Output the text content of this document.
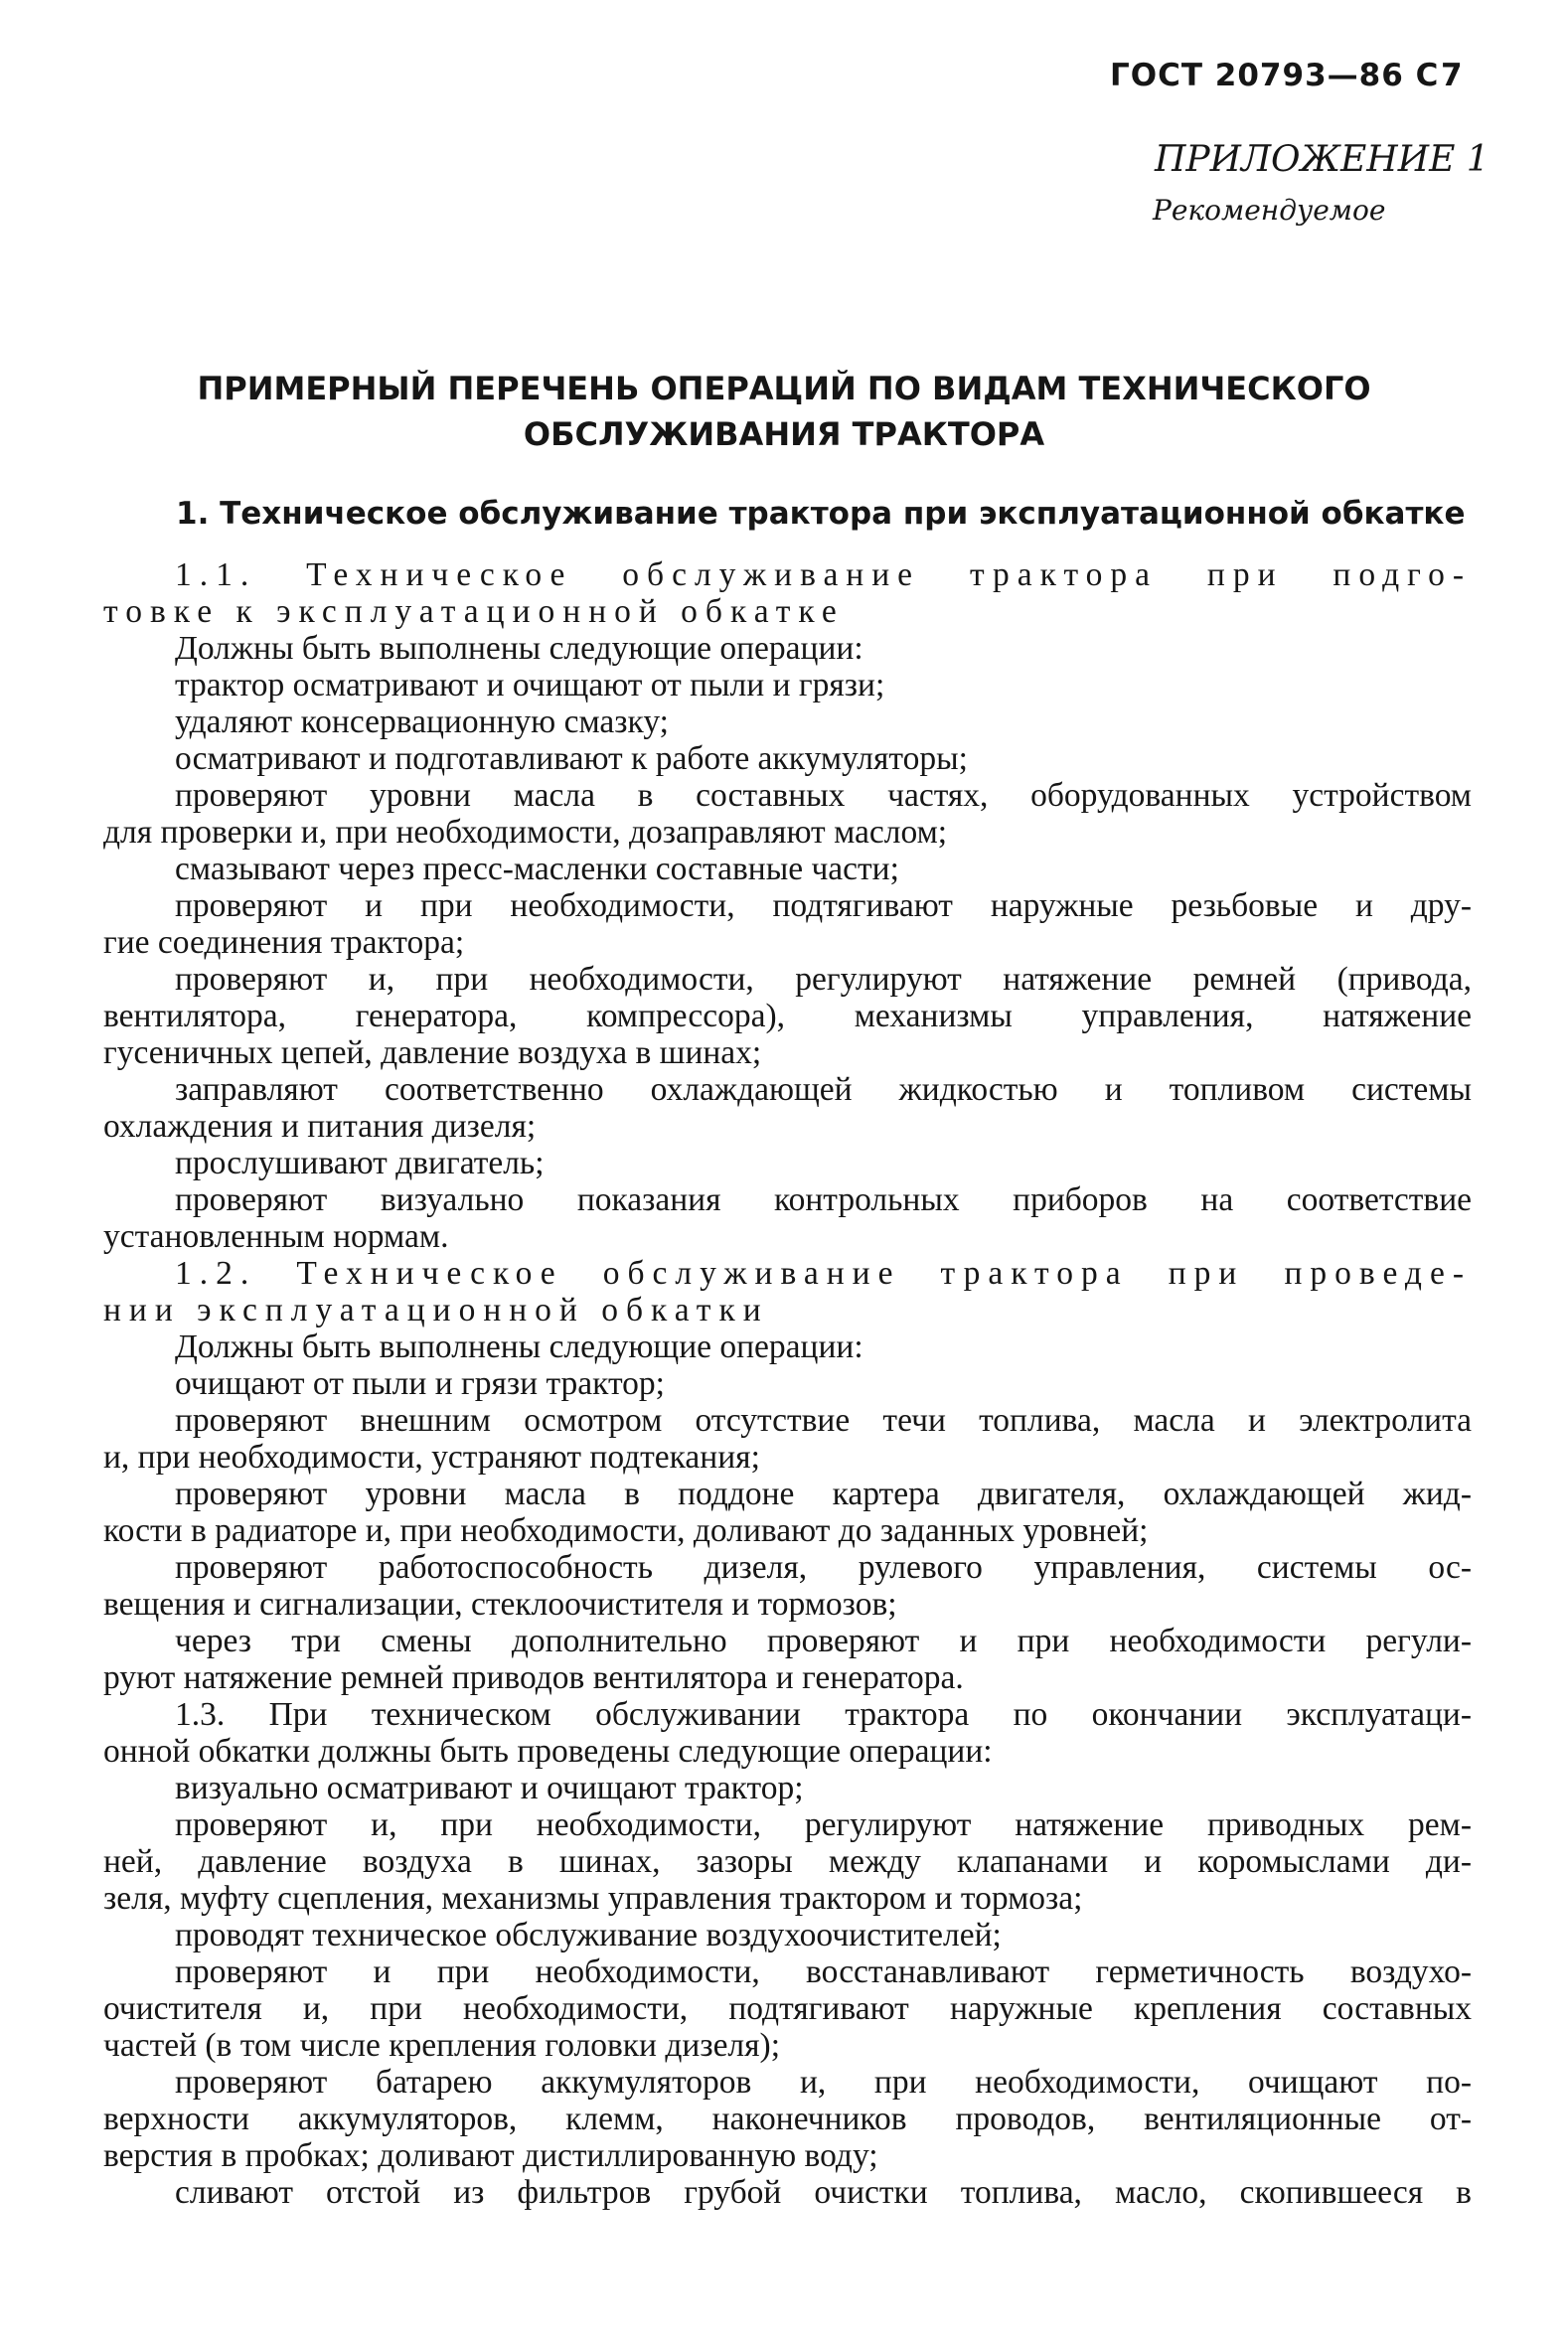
ГОСТ 20793—86 С 7
ПРИЛОЖЕНИЕ 1
Рекомендуемое
ПРИМЕРНЫЙ ПЕРЕЧЕНЬ ОПЕРАЦИЙ ПО ВИДАМ ТЕХНИЧЕСКОГО
ОБСЛУЖИВАНИЯ ТРАКТОРА
1. Техническое обслуживание трактора при эксплуатационной обкатке
1.1. Техническое обслуживание трактора при подго-
товке к эксплуатационной обкатке
Должны быть выполнены следующие операции:
трактор осматривают и очищают от пыли и грязи;
удаляют консервационную смазку;
осматривают и подготавливают к работе аккумуляторы;
проверяют уровни масла в составных частях, оборудованных устройством
для проверки и, при необходимости, дозаправляют маслом;
смазывают через пресс-масленки составные части;
проверяют и при необходимости, подтягивают наружные резьбовые и дру-
гие соединения трактора;
проверяют и, при необходимости, регулируют натяжение ремней (привода,
вентилятора, генератора, компрессора), механизмы управления, натяжение
гусеничных цепей, давление воздуха в шинах;
заправляют соответственно охлаждающей жидкостью и топливом системы
охлаждения и питания дизеля;
прослушивают двигатель;
проверяют визуально показания контрольных приборов на соответствие
установленным нормам.
1.2. Техническое обслуживание трактора при проведе-
нии эксплуатационной обкатки
Должны быть выполнены следующие операции:
очищают от пыли и грязи трактор;
проверяют внешним осмотром отсутствие течи топлива, масла и электролита
и, при необходимости, устраняют подтекания;
проверяют уровни масла в поддоне картера двигателя, охлаждающей жид-
кости в радиаторе и, при необходимости, доливают до заданных уровней;
проверяют работоспособность дизеля, рулевого управления, системы ос-
вещения и сигнализации, стеклоочистителя и тормозов;
через три смены дополнительно проверяют и при необходимости регули-
руют натяжение ремней приводов вентилятора и генератора.
1.3. При техническом обслуживании трактора по окончании эксплуатаци-
онной обкатки должны быть проведены следующие операции:
визуально осматривают и очищают трактор;
проверяют и, при необходимости, регулируют натяжение приводных рем-
ней, давление воздуха в шинах, зазоры между клапанами и коромыслами ди-
зеля, муфту сцепления, механизмы управления трактором и тормоза;
проводят техническое обслуживание воздухоочистителей;
проверяют и при необходимости, восстанавливают герметичность воздухо-
очистителя и, при необходимости, подтягивают наружные крепления составных
частей (в том числе крепления головки дизеля);
проверяют батарею аккумуляторов и, при необходимости, очищают по-
верхности аккумуляторов, клемм, наконечников проводов, вентиляционные от-
верстия в пробках; доливают дистиллированную воду;
сливают отстой из фильтров грубой очистки топлива, масло, скопившееся в
